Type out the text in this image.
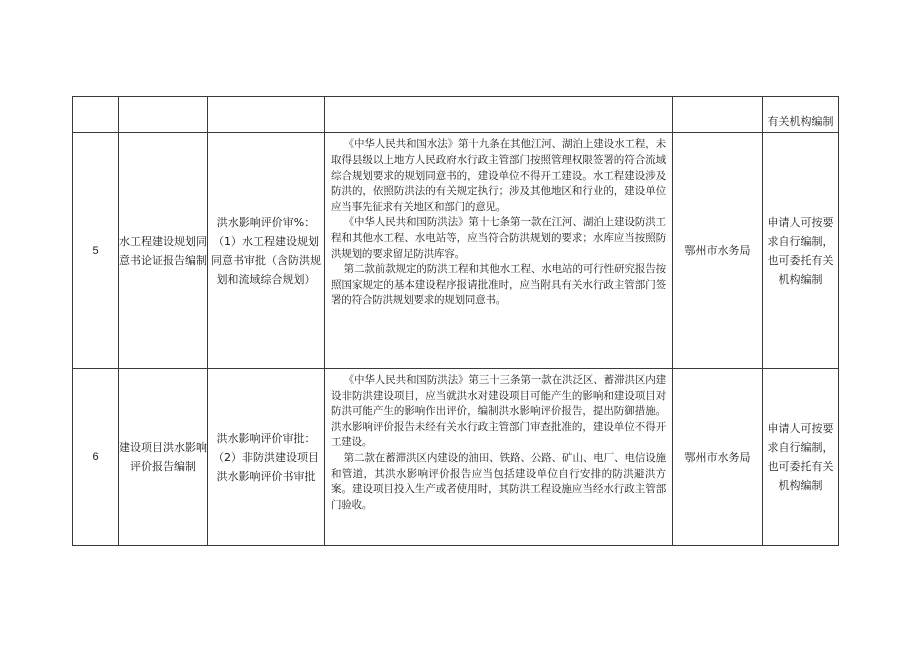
					有关机构编制
5	水工程建设规划同意书论证报告编制	洪水影响评价审%：（1）水工程建设规划同意书审批（含防洪规划和流域综合规划）	《中华人民共和国水法》第十九条在其他江河、湖泊上建设水工程，未取得县级以上地方人民政府水行政主管部门按照管理权限签署的符合流域综合规划要求的规划同意书的，建设单位不得开工建设。水工程建设涉及防洪的，依照防洪法的有关规定执行；涉及其他地区和行业的，建设单位应当事先征求有关地区和部门的意见。

《中华人民共和国防洪法》第十七条第一款在江河、湖泊上建设防洪工程和其他水工程、水电站等，应当符合防洪规划的要求；水库应当按照防洪规划的要求留足防洪库容。

第二款前款规定的防洪工程和其他水工程、水电站的可行性研究报告按照国家规定的基本建设程序报请批准时，应当附具有关水行政主管部门签署的符合防洪规划要求的规划同意书。	鄂州市水务局	申请人可按要求自行编制，也可委托有关机构编制
6	建设项目洪水影响评价报告编制	洪水影响评价审批：（2）非防洪建设项目洪水影响评价书审批	《中华人民共和国防洪法》第三十三条第一款在洪泛区、蓄滞洪区内建设非防洪建设项目，应当就洪水对建设项目可能产生的影响和建设项目对防洪可能产生的影响作出评价，编制洪水影响评价报告，提出防御措施。洪水影响评价报告未经有关水行政主管部门审查批准的，建设单位不得开工建设。

第二款在蓄滞洪区内建设的油田、铁路、公路、矿山、电厂、电信设施和管道，其洪水影响评价报告应当包括建设单位自行安排的防洪避洪方案。建设项目投入生产或者使用时，其防洪工程设施应当经水行政主管部门验收。	鄂州市水务局	申请人可按要求自行编制，也可委托有关机构编制
